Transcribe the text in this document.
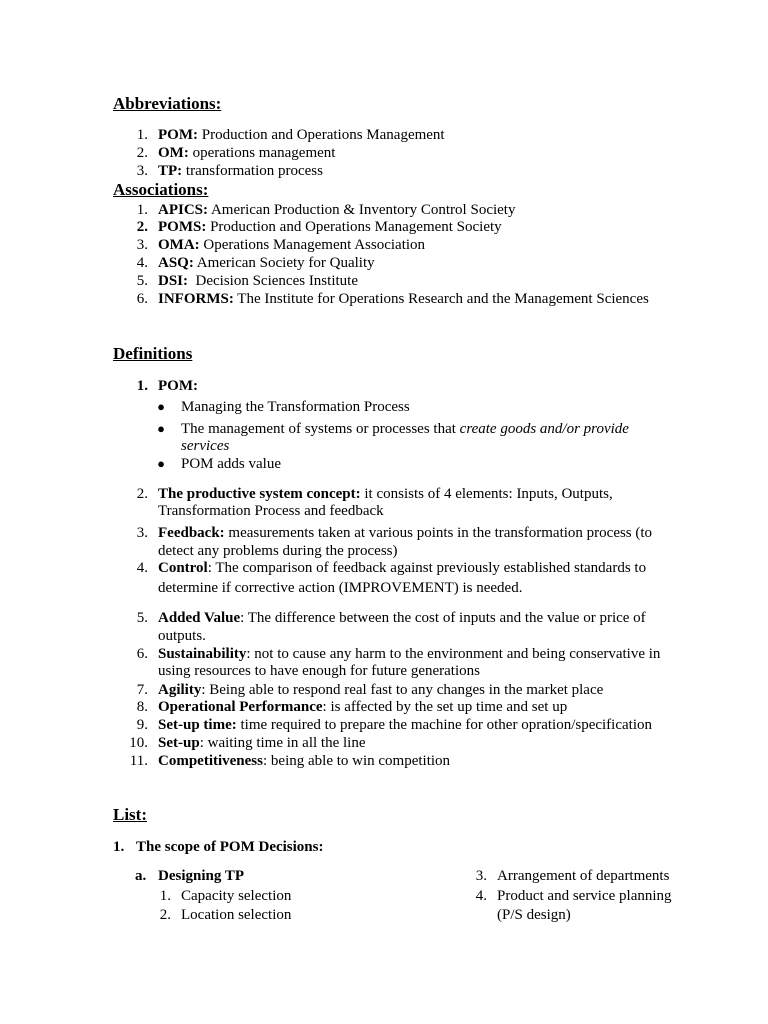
Abbreviations:
1. POM: Production and Operations Management
2. OM: operations management
3. TP: transformation process
Associations:
1. APICS: American Production & Inventory Control Society
2. POMS: Production and Operations Management Society
3. OMA: Operations Management Association
4. ASQ: American Society for Quality
5. DSI:  Decision Sciences Institute
6. INFORMS: The Institute for Operations Research and the Management Sciences
Definitions
1. POM:
● Managing the Transformation Process
● The management of systems or processes that create goods and/or provide
services
● POM adds value
2. The productive system concept: it consists of 4 elements: Inputs, Outputs,
Transformation Process and feedback
3. Feedback: measurements taken at various points in the transformation process (to
detect any problems during the process)
4. Control: The comparison of feedback against previously established standards to
determine if corrective action (IMPROVEMENT) is needed.
5. Added Value: The difference between the cost of inputs and the value or price of
outputs.
6. Sustainability: not to cause any harm to the environment and being conservative in
using resources to have enough for future generations
7. Agility: Being able to respond real fast to any changes in the market place
8. Operational Performance: is affected by the set up time and set up
9. Set-up time: time required to prepare the machine for other opration/specification
10. Set-up: waiting time in all the line
11. Competitiveness: being able to win competition
List:
1. The scope of POM Decisions:
a. Designing TP
1. Capacity selection
2. Location selection
3. Arrangement of departments
4. Product and service planning
(P/S design)
